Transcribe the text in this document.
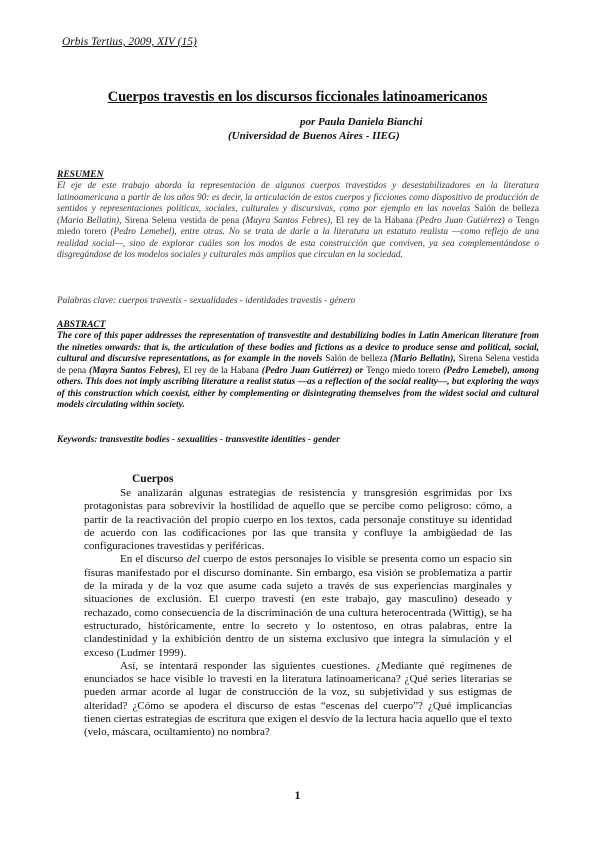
Orbis Tertius, 2009, XIV (15)
Cuerpos travestis en los discursos ficcionales latinoamericanos
por Paula Daniela Bianchi
(Universidad de Buenos Aires - IIEG)
RESUMEN
El eje de este trabajo aborda la representación de algunos cuerpos travestidos y desestabilizadores en la literatura latinoamericana a partir de los años 90: es decir, la articulación de estos cuerpos y ficciones como dispositivo de producción de sentidos y representaciones políticas, sociales, culturales y discursivas, como por ejemplo en las novelas Salón de belleza (Mario Bellatin), Sirena Selena vestida de pena (Mayra Santos Febres), El rey de la Habana (Pedro Juan Gutiérrez) o Tengo miedo torero (Pedro Lemebel), entre otras. No se trata de darle a la literatura un estatuto realista —como reflejo de una realidad social—, sino de explorar cuáles son los modos de esta construcción que conviven, ya sea complementándose o disgregándose de los modelos sociales y culturales más amplios que circulan en la sociedad.
Palabras clave: cuerpos travestis - sexualidades - identidades travestis - género
ABSTRACT
The core of this paper addresses the representation of transvestite and destabilizing bodies in Latin American literature from the nineties onwards: that is, the articulation of these bodies and fictions as a device to produce sense and political, social, cultural and discursive representations, as for example in the novels Salón de belleza (Mario Bellatin), Sirena Selena vestida de pena (Mayra Santos Febres), El rey de la Habana (Pedro Juan Gutiérrez) or Tengo miedo torero (Pedro Lemebel), among others. This does not imply ascribing literature a realist status —as a reflection of the social reality—, but exploring the ways of this construction which coexist, either by complementing or disintegrating themselves from the widest social and cultural models circulating within society.
Keywords: transvestite bodies - sexualities - transvestite identities - gender
Cuerpos

Se analizarán algunas estrategias de resistencia y transgresión esgrimidas por lxs protagonistas para sobrevivir la hostilidad de aquello que se percibe como peligroso: cómo, a partir de la reactivación del propio cuerpo en los textos, cada personaje constituye su identidad de acuerdo con las codificaciones por las que transita y confluye la ambigüedad de las configuraciones travestidas y periféricas.

En el discurso del cuerpo de estos personajes lo visible se presenta como un espacio sin fisuras manifestado por el discurso dominante. Sin embargo, esa visión se problematiza a partir de la mirada y de la voz que asume cada sujeto a través de sus experiencias marginales y situaciones de exclusión. El cuerpo travesti (en este trabajo, gay masculino) deseado y rechazado, como consecuencia de la discriminación de una cultura heterocentrada (Wittig), se ha estructurado, históricamente, entre lo secreto y lo ostentoso, en otras palabras, entre la clandestinidad y la exhibición dentro de un sistema exclusivo que integra la simulación y el exceso (Ludmer 1999).

Así, se intentará responder las siguientes cuestiones. ¿Mediante qué regímenes de enunciados se hace visible lo travesti en la literatura latinoamericana? ¿Qué series literarias se pueden armar acorde al lugar de construcción de la voz, su subjetividad y sus estigmas de alteridad? ¿Cómo se apodera el discurso de estas “escenas del cuerpo”? ¿Qué implicancias tienen ciertas estrategias de escritura que exigen el desvío de la lectura hacia aquello que el texto (velo, máscara, ocultamiento) no nombra?

1
